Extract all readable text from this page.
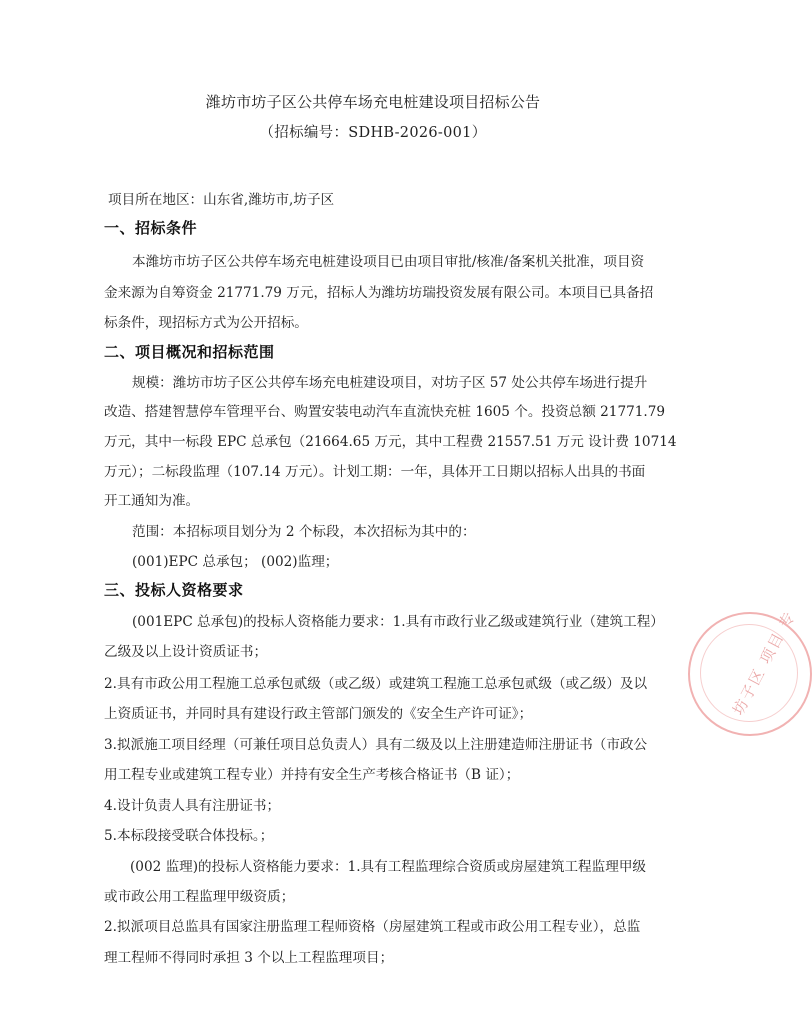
潍坊市坊子区公共停车场充电桩建设项目招标公告
（招标编号：SDHB-2026-001）
项目所在地区：山东省,潍坊市,坊子区
一、招标条件
本潍坊市坊子区公共停车场充电桩建设项目已由项目审批/核准/备案机关批准，项目资
金来源为自筹资金 21771.79 万元，招标人为潍坊坊瑞投资发展有限公司。本项目已具备招
标条件，现招标方式为公开招标。
二、项目概况和招标范围
规模：潍坊市坊子区公共停车场充电桩建设项目，对坊子区 57 处公共停车场进行提升
改造、搭建智慧停车管理平台、购置安装电动汽车直流快充桩 1605 个。投资总额 21771.79
万元，其中一标段 EPC 总承包（21664.65 万元，其中工程费 21557.51 万元 设计费 10714
万元）；二标段监理（107.14 万元）。计划工期：一年，具体开工日期以招标人出具的书面
开工通知为准。
范围：本招标项目划分为 2 个标段，本次招标为其中的：
(001)EPC 总承包； (002)监理；
三、投标人资格要求
(001EPC 总承包)的投标人资格能力要求：1.具有市政行业乙级或建筑行业（建筑工程）
乙级及以上设计资质证书；
2.具有市政公用工程施工总承包贰级（或乙级）或建筑工程施工总承包贰级（或乙级）及以
上资质证书，并同时具有建设行政主管部门颁发的《安全生产许可证》；
3.拟派施工项目经理（可兼任项目总负责人）具有二级及以上注册建造师注册证书（市政公
用工程专业或建筑工程专业）并持有安全生产考核合格证书（B 证）；
4.设计负责人具有注册证书；
5.本标段接受联合体投标。；
(002 监理)的投标人资格能力要求：1.具有工程监理综合资质或房屋建筑工程监理甲级
或市政公用工程监理甲级资质；
2.拟派项目总监具有国家注册监理工程师资格（房屋建筑工程或市政公用工程专业），总监
理工程师不得同时承担 3 个以上工程监理项目；
坊子区 项目 专
